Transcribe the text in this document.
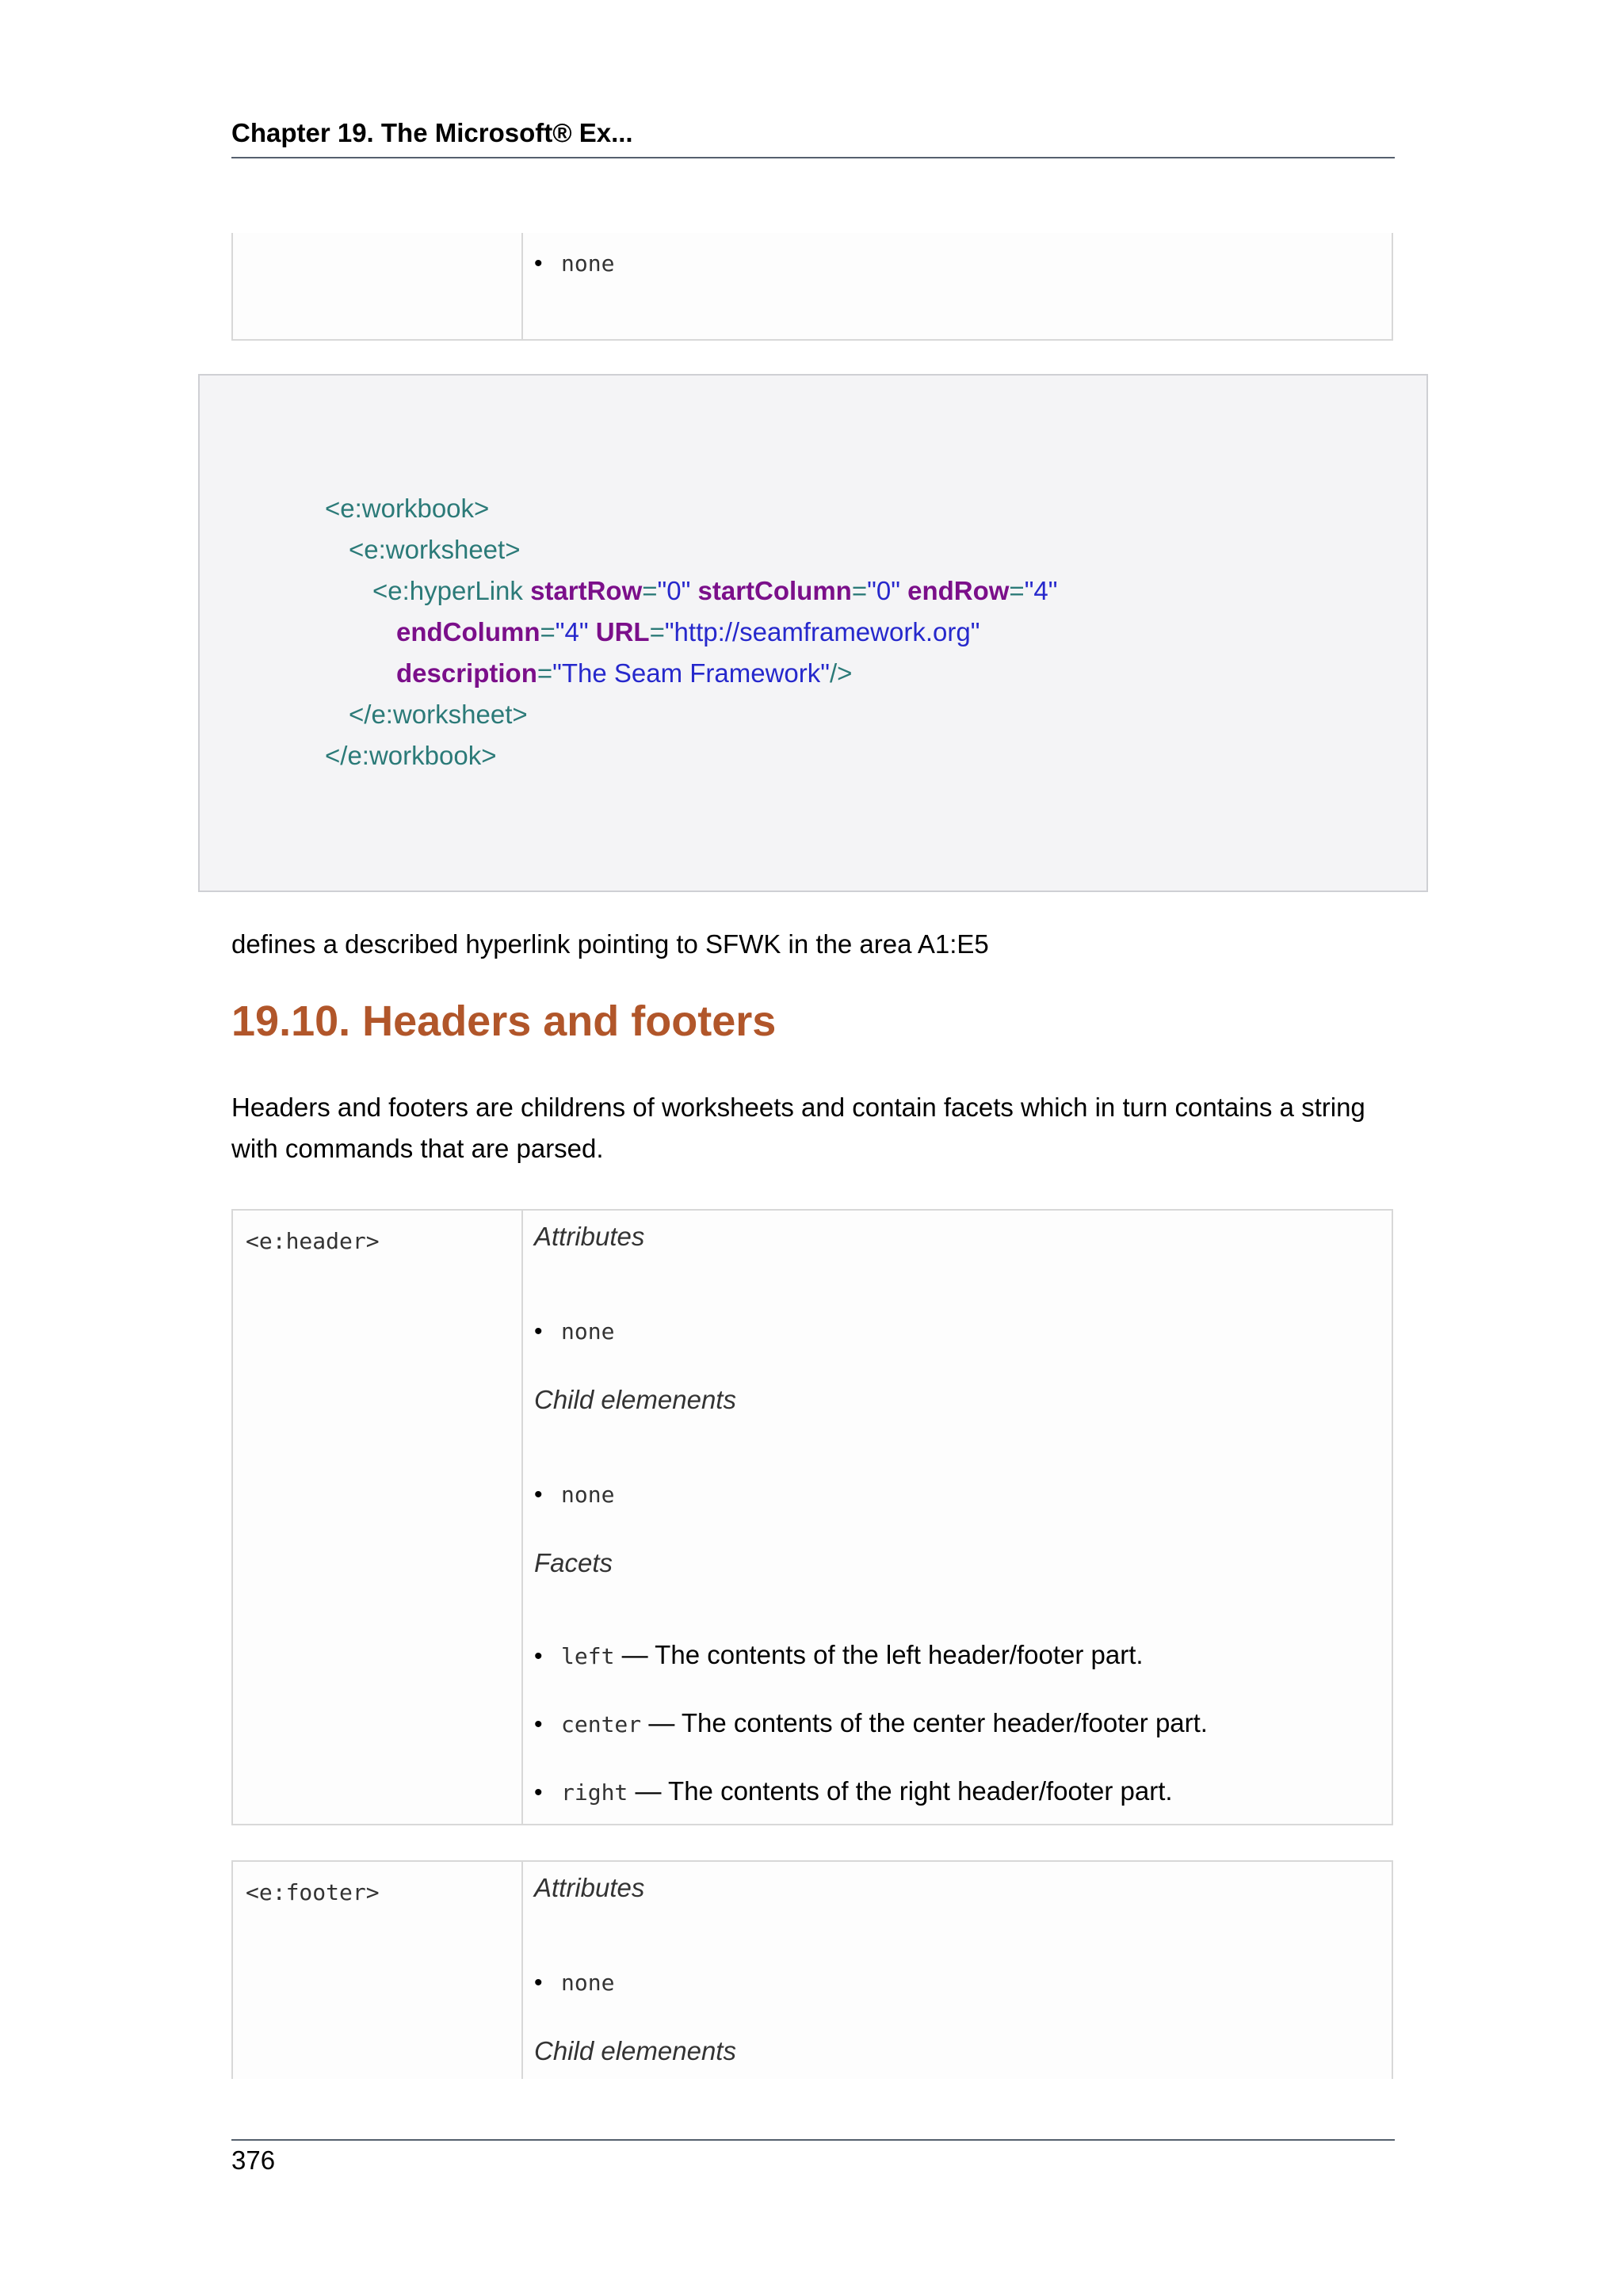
Chapter 19. The Microsoft® Ex...

• none
<e:workbook>
<e:worksheet>
<e:hyperLink startRow="0" startColumn="0" endRow="4"
endColumn="4" URL="http://seamframework.org"
description="The Seam Framework"/>
</e:worksheet>
</e:workbook>

defines a described hyperlink pointing to SFWK in the area A1:E5

19.10. Headers and footers

Headers and footers are childrens of worksheets and contain facets which in turn contains a string with commands that are parsed.

<e:header>	Attributes
• none
Child elemenents
• none
Facets
• left — The contents of the left header/footer part.
• center — The contents of the center header/footer part.
• right — The contents of the right header/footer part.
<e:footer>	Attributes
• none
Child elemenents
376
